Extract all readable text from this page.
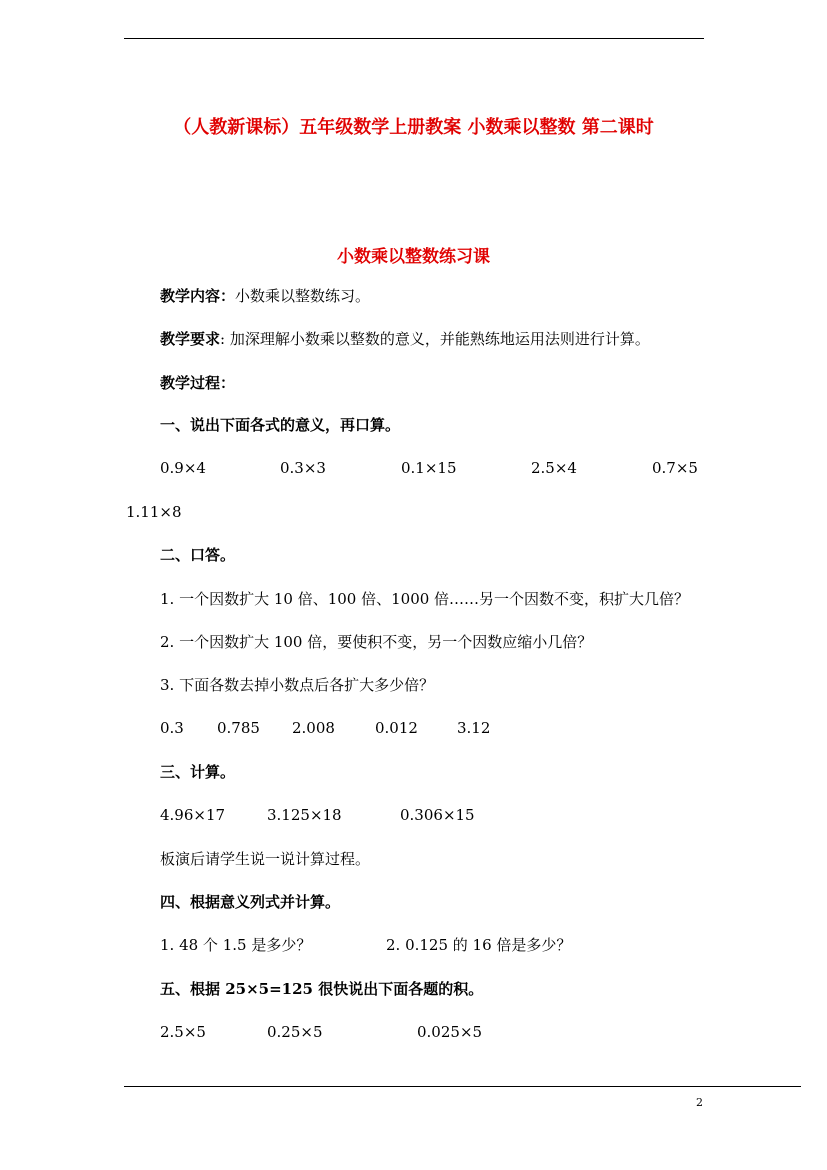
（人教新课标）五年级数学上册教案 小数乘以整数 第二课时
小数乘以整数练习课
教学内容：小数乘以整数练习。
教学要求: 加深理解小数乘以整数的意义，并能熟练地运用法则进行计算。
教学过程：
一、说出下面各式的意义，再口算。
0.9×4	0.3×3	0.1×15	2.5×4	0.7×5
1.11×8
二、口答。
1. 一个因数扩大 10 倍、100 倍、1000 倍……另一个因数不变，积扩大几倍？
2. 一个因数扩大 100 倍，要使积不变，另一个因数应缩小几倍？
3. 下面各数去掉小数点后各扩大多少倍？
0.3 0.785 2.008	0.012	3.12
三、计算。
4.96×17	3.125×18	0.306×15
板演后请学生说一说计算过程。
四、根据意义列式并计算。
1. 48 个 1.5 是多少？	2. 0.125 的 16 倍是多少？
五、根据 25×5=125 很快说出下面各题的积。
2.5×5	0.25×5	0.025×5
2
